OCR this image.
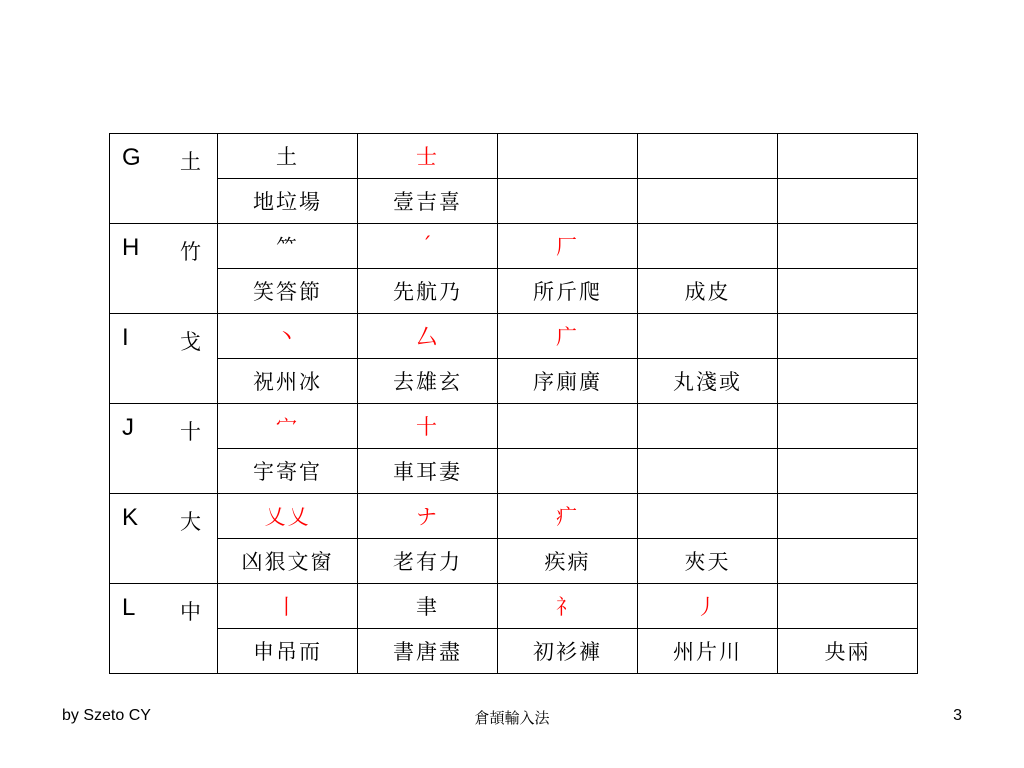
G 土	土	士			
	地垃場	壹吉喜			

H 竹	⺮	ˊ	厂		
	笑答節	先航乃	所斤爬	成皮	

I 戈	丶	厶	广		
	祝州冰	去雄玄	序廁廣	丸淺或	

J 十	宀	十			
	宇寄官	車耳妻			

K 大	乂乂	ナ	疒		
	凶狠文窗	老有力	疾病	夾天	

L 中	丨	聿	礻	丿	
	申吊而	書唐盡	初衫褲	州片川	央兩
by Szeto CY	倉頡輸入法	3
